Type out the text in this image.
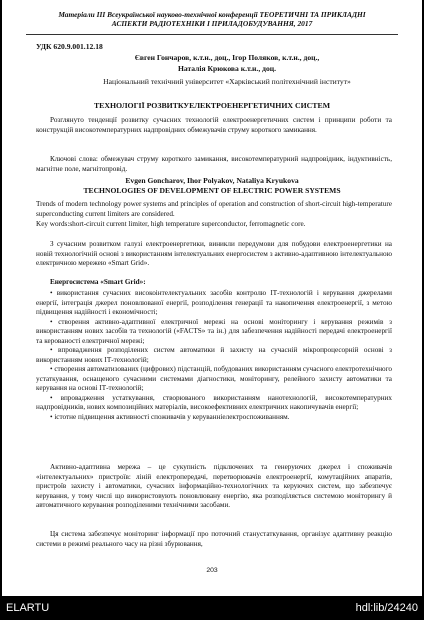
Матеріали ІІІ Всеукраїнської науково-технічної конференції ТЕОРЕТИЧНІ ТА ПРИКЛАДНІ
АСПЕКТИ РАДІОТЕХНІКИ І ПРИЛАДОБУДУВАННЯ, 2017
УДК 620.9.001.12.18
Євген Гончаров, к.т.н., доц., Ігор Поляков, к.т.н., доц.,
Наталія Крюкова к.т.н., доц.
Національний технічний університет «Харківський політехнічний інститут»
ТЕХНОЛОГІЇ РОЗВИТКУЕЛЕКТРОЕНЕРГЕТИЧНИХ СИСТЕМ
Розглянуто тенденції розвитку сучасних технологій електроенергетичних систем і принципи роботи та конструкцій високотемпературних надпровідних обмежувачів струму короткого замикання.
Ключові слова: обмежувач струму короткого замикання, високотемпературний надпровідник, індуктивність, магнітне поле, магнітопровід.
Evgen Goncharov, Ihor Polyakov, Nataliya Kryukova
TECHNOLOGIES OF DEVELOPMENT OF ELECTRIC POWER SYSTEMS
Trends of modern technology power systems and principles of operation and construction of short-circuit high-temperature superconducting current limiters are considered.
Key words:short-circuit current limiter, high temperature superconductor, ferromagnetic core.
З сучасним розвитком галузі електроенергетики, виникли передумови для побудови електроенергетики на новій технологічній основі з використанням інтелектуальних енергосистем з активно-адаптивною інтелектуальною електричною мережею «Smart Grid».
Енергосистема «Smart Grid»:

• використання сучасних високоінтелектуальних засобів контролю ІТ-технологій і керування джерелами енергії, інтеграція джерел поновлюваної енергії, розподілення генерації та накопичення електроенергії, з метою підвищення надійності і економічності;

• створення активно-адаптивної електричної мережі на основі моніторингу і керування режимів з використанням нових засобів та технологій («FACTS» та ін.) для забезпечення надійності передачі електроенергії та керованості електричної мережі;

• впровадження розподілених систем автоматики й захисту на сучасній мікропроцесорній основі з використанням нових ІТ-технологій;

• створення автоматизованих (цифрових) підстанцій, побудованих використанням сучасного електротехнічного устаткування, оснащеного сучасними системами діагностики, моніторингу, релейного захисту автоматики та керування на основі ІТ-технологій;

• впровадження устаткування, створюваного використанням нанотехнологій, високотемпературних надпровідників, нових композиційних матеріалів, високоефективних електричних накопичувачів енергії;

• істотне підвищення активності споживачів у керуванніелектроспоживанням.

Активно-адаптивна мережа – це сукупність підключених та генеруючих джерел і споживачів «інтелектуальних» пристроїв: ліній електропередачі, перетворювачів електроенергії, комутаційних апаратів, пристроїв захисту і автоматики, сучасних інформаційно-технологічних та керуючих систем, що забезпечує керування, у тому числі що використовують поновлювану енергію, яка розподіляється системою моніторингу й автоматичного керування розподіленими технічними засобами.
Ця система забезпечує моніторинг інформації про поточний станустаткування, організує адаптивну реакцію системи в режимі реального часу на різні збурювання,
203
ELARTU	hdl:lib/24240
